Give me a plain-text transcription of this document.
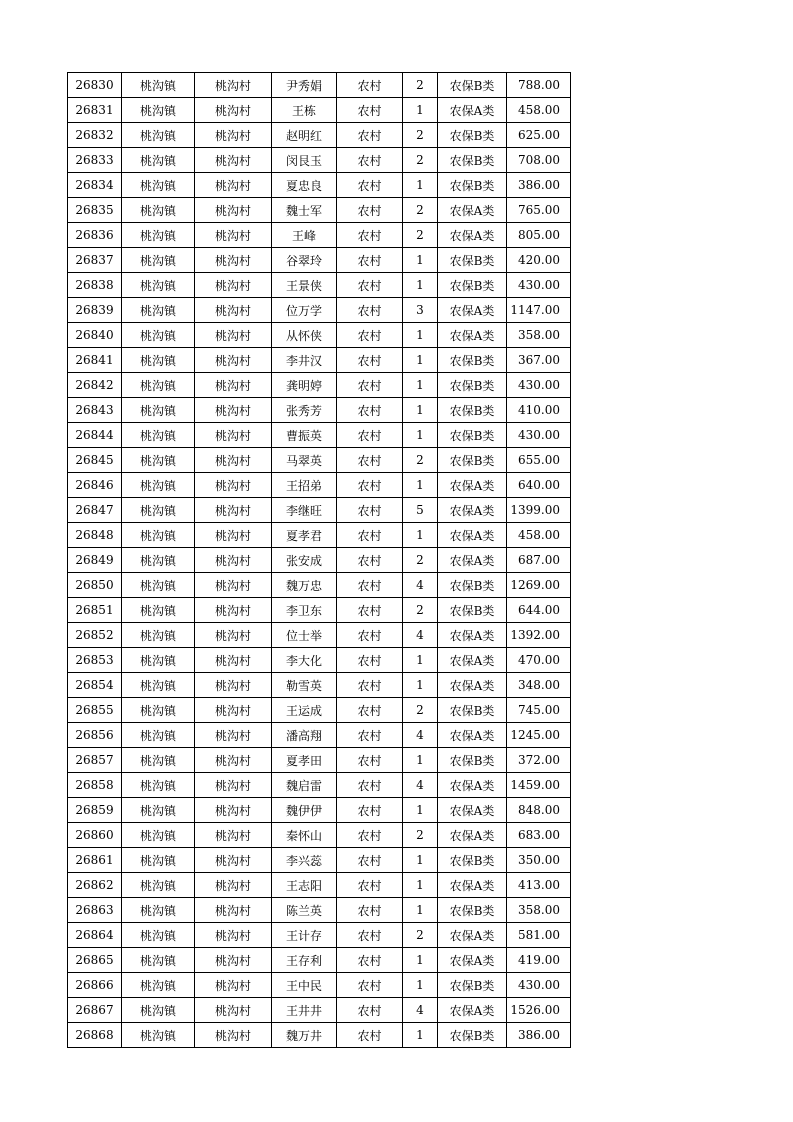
26830	桃沟镇	桃沟村	尹秀娟	农村	2	农保B类	788.00
26831	桃沟镇	桃沟村	王栋	农村	1	农保A类	458.00
26832	桃沟镇	桃沟村	赵明红	农村	2	农保B类	625.00
26833	桃沟镇	桃沟村	闵艮玉	农村	2	农保B类	708.00
26834	桃沟镇	桃沟村	夏忠良	农村	1	农保B类	386.00
26835	桃沟镇	桃沟村	魏士军	农村	2	农保A类	765.00
26836	桃沟镇	桃沟村	王峰	农村	2	农保A类	805.00
26837	桃沟镇	桃沟村	谷翠玲	农村	1	农保B类	420.00
26838	桃沟镇	桃沟村	王景侠	农村	1	农保B类	430.00
26839	桃沟镇	桃沟村	位万学	农村	3	农保A类	1147.00
26840	桃沟镇	桃沟村	从怀侠	农村	1	农保A类	358.00
26841	桃沟镇	桃沟村	李井汉	农村	1	农保B类	367.00
26842	桃沟镇	桃沟村	龚明婷	农村	1	农保B类	430.00
26843	桃沟镇	桃沟村	张秀芳	农村	1	农保B类	410.00
26844	桃沟镇	桃沟村	曹振英	农村	1	农保B类	430.00
26845	桃沟镇	桃沟村	马翠英	农村	2	农保B类	655.00
26846	桃沟镇	桃沟村	王招弟	农村	1	农保A类	640.00
26847	桃沟镇	桃沟村	李继旺	农村	5	农保A类	1399.00
26848	桃沟镇	桃沟村	夏孝君	农村	1	农保A类	458.00
26849	桃沟镇	桃沟村	张安成	农村	2	农保A类	687.00
26850	桃沟镇	桃沟村	魏万忠	农村	4	农保B类	1269.00
26851	桃沟镇	桃沟村	李卫东	农村	2	农保B类	644.00
26852	桃沟镇	桃沟村	位士举	农村	4	农保A类	1392.00
26853	桃沟镇	桃沟村	李大化	农村	1	农保A类	470.00
26854	桃沟镇	桃沟村	勒雪英	农村	1	农保A类	348.00
26855	桃沟镇	桃沟村	王运成	农村	2	农保B类	745.00
26856	桃沟镇	桃沟村	潘高翔	农村	4	农保A类	1245.00
26857	桃沟镇	桃沟村	夏孝田	农村	1	农保B类	372.00
26858	桃沟镇	桃沟村	魏启雷	农村	4	农保A类	1459.00
26859	桃沟镇	桃沟村	魏伊伊	农村	1	农保A类	848.00
26860	桃沟镇	桃沟村	秦怀山	农村	2	农保A类	683.00
26861	桃沟镇	桃沟村	李兴蕊	农村	1	农保B类	350.00
26862	桃沟镇	桃沟村	王志阳	农村	1	农保A类	413.00
26863	桃沟镇	桃沟村	陈兰英	农村	1	农保B类	358.00
26864	桃沟镇	桃沟村	王计存	农村	2	农保A类	581.00
26865	桃沟镇	桃沟村	王存利	农村	1	农保A类	419.00
26866	桃沟镇	桃沟村	王中民	农村	1	农保B类	430.00
26867	桃沟镇	桃沟村	王井井	农村	4	农保A类	1526.00
26868	桃沟镇	桃沟村	魏万井	农村	1	农保B类	386.00
